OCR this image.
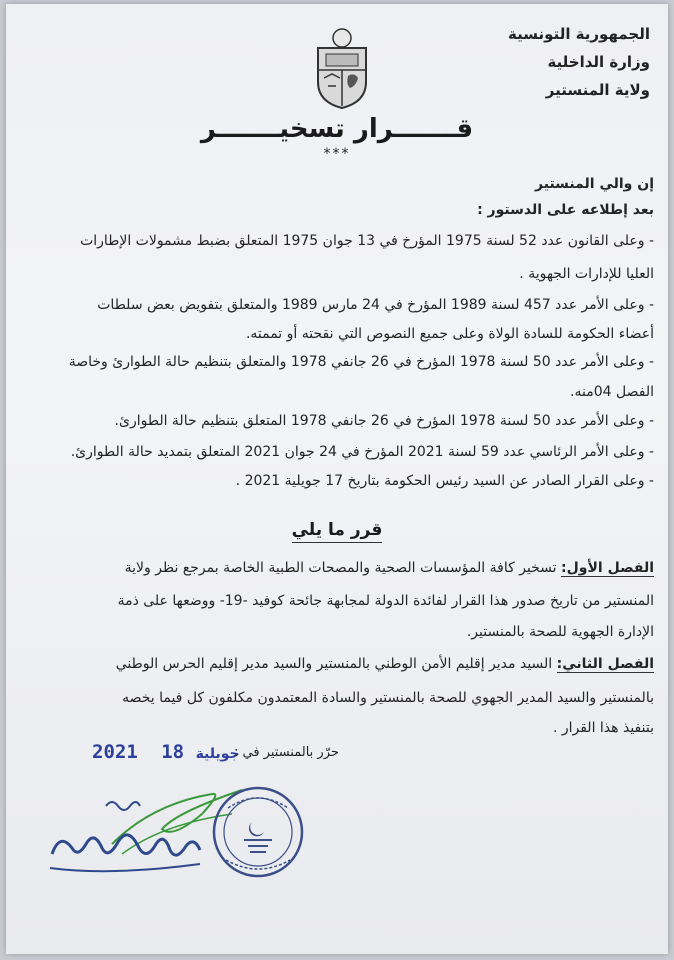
الجمهورية التونسية
وزارة الداخلية
ولاية المنستير
قـــــــرار تسخيـــــــر
***
إن والي المنستير
بعد إطلاعه على الدستور :
- وعلى القانون عدد 52 لسنة 1975 المؤرخ في 13 جوان 1975 المتعلق بضبط مشمولات الإطارات
العليا للإدارات الجهوية .
- وعلى الأمر عدد 457 لسنة 1989 المؤرخ في 24 مارس 1989 والمتعلق بتفويض بعض سلطات
أعضاء الحكومة للسادة الولاة وعلى جميع النصوص التي نقحته أو تممته.
- وعلى الأمر عدد 50 لسنة 1978 المؤرخ في 26 جانفي 1978 والمتعلق بتنظيم حالة الطوارئ وخاصة
الفصل 04منه.
- وعلى الأمر عدد 50 لسنة 1978 المؤرخ في 26 جانفي 1978 المتعلق بتنظيم حالة الطوارئ.
- وعلى الأمر الرئاسي عدد 59 لسنة 2021 المؤرخ في 24 جوان 2021 المتعلق بتمديد حالة الطوارئ.
- وعلى القرار الصادر عن السيد رئيس الحكومة بتاريخ 17 جويلية 2021 .
قرر ما يلي
الفصل الأول: تسخير كافة المؤسسات الصحية والمصحات الطبية الخاصة بمرجع نظر ولاية
المنستير من تاريخ صدور هذا القرار لفائدة الدولة لمجابهة جائحة كوفيد -19- ووضعها على ذمة
الإدارة الجهوية للصحة بالمنستير.
الفصل الثاني: السيد مدير إقليم الأمن الوطني بالمنستير والسيد مدير إقليم الحرس الوطني
بالمنستير والسيد المدير الجهوي للصحة بالمنستير والسادة المعتمدون مكلفون كل فيما يخصه
بتنفيذ هذا القرار .
2021	جويلية 18	حرّر بالمنستير في :
